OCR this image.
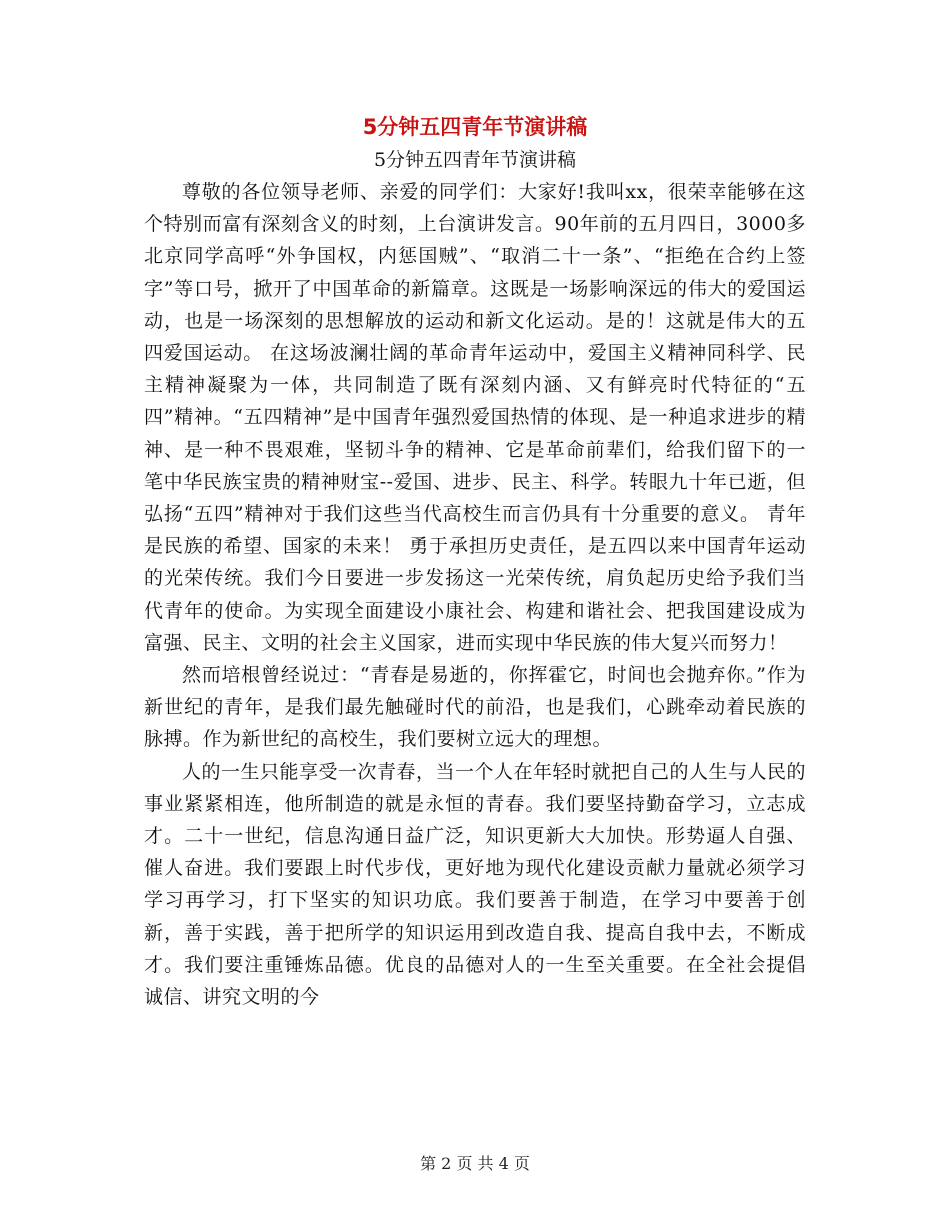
5分钟五四青年节演讲稿
5分钟五四青年节演讲稿

尊敬的各位领导老师、亲爱的同学们：大家好!我叫xx，很荣幸能够在这个特别而富有深刻含义的时刻，上台演讲发言。90年前的五月四日，3000多北京同学高呼“外争国权，内惩国贼”、“取消二十一条”、“拒绝在合约上签字”等口号，掀开了中国革命的新篇章。这既是一场影响深远的伟大的爱国运动，也是一场深刻的思想解放的运动和新文化运动。是的！这就是伟大的五四爱国运动。 在这场波澜壮阔的革命青年运动中，爱国主义精神同科学、民主精神凝聚为一体，共同制造了既有深刻内涵、又有鲜亮时代特征的“五四”精神。“五四精神”是中国青年强烈爱国热情的体现、是一种追求进步的精神、是一种不畏艰难，坚韧斗争的精神、它是革命前辈们，给我们留下的一笔中华民族宝贵的精神财宝--爱国、进步、民主、科学。转眼九十年已逝，但弘扬“五四”精神对于我们这些当代高校生而言仍具有十分重要的意义。 青年是民族的希望、国家的未来！ 勇于承担历史责任，是五四以来中国青年运动的光荣传统。我们今日要进一步发扬这一光荣传统，肩负起历史给予我们当代青年的使命。为实现全面建设小康社会、构建和谐社会、把我国建设成为富强、民主、文明的社会主义国家，进而实现中华民族的伟大复兴而努力！

然而培根曾经说过：“青春是易逝的，你挥霍它，时间也会抛弃你。”作为新世纪的青年，是我们最先触碰时代的前沿，也是我们，心跳牵动着民族的脉搏。作为新世纪的高校生，我们要树立远大的理想。

人的一生只能享受一次青春，当一个人在年轻时就把自己的人生与人民的事业紧紧相连，他所制造的就是永恒的青春。我们要坚持勤奋学习，立志成才。二十一世纪，信息沟通日益广泛，知识更新大大加快。形势逼人自强、催人奋进。我们要跟上时代步伐，更好地为现代化建设贡献力量就必须学习学习再学习，打下坚实的知识功底。我们要善于制造，在学习中要善于创新，善于实践，善于把所学的知识运用到改造自我、提高自我中去，不断成才。我们要注重锤炼品德。优良的品德对人的一生至关重要。在全社会提倡诚信、讲究文明的今

第 2 页 共 4 页
